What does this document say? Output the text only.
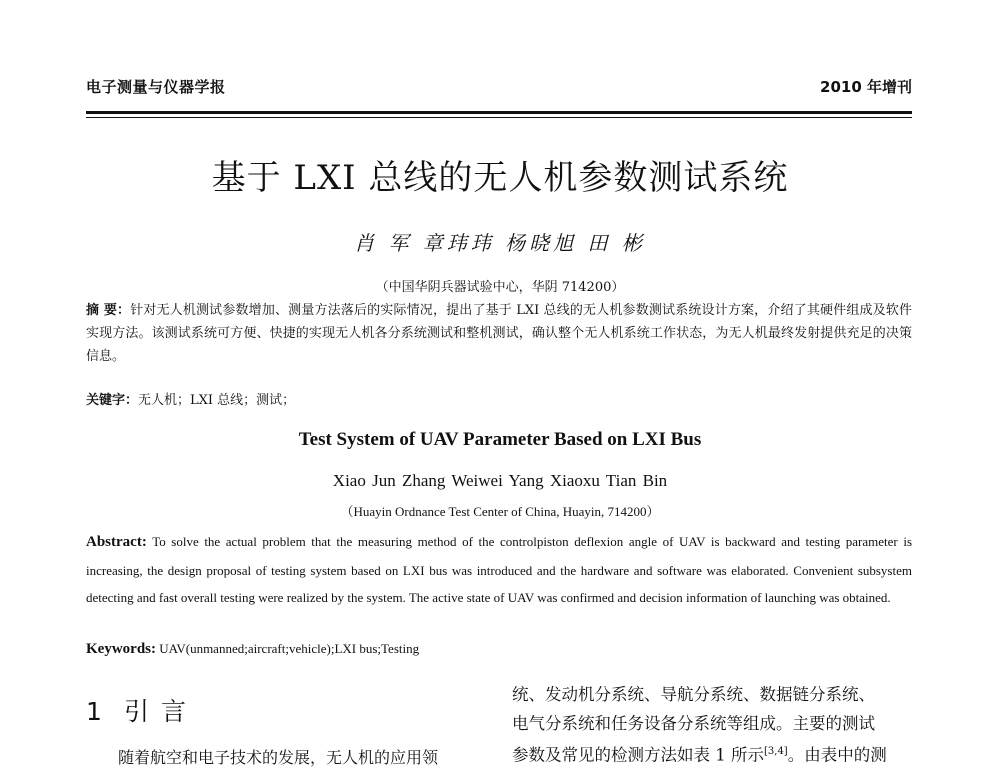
电子测量与仪器学报	2010 年增刊
基于 LXI 总线的无人机参数测试系统
肖 军 章玮玮 杨晓旭 田 彬
（中国华阴兵器试验中心，华阴 714200）
摘 要：针对无人机测试参数增加、测量方法落后的实际情况，提出了基于 LXI 总线的无人机参数测试系统设计方案，介绍了其硬件组成及软件实现方法。该测试系统可方便、快捷的实现无人机各分系统测试和整机测试，确认整个无人机系统工作状态，为无人机最终发射提供充足的决策信息。
关键字：无人机；LXI 总线；测试；
Test System of UAV Parameter Based on LXI Bus
Xiao Jun Zhang Weiwei Yang Xiaoxu Tian Bin
（Huayin Ordnance Test Center of China, Huayin, 714200）
Abstract: To solve the actual problem that the measuring method of the controlpiston deflexion angle of UAV is backward and testing parameter is increasing, the design proposal of testing system based on LXI bus was introduced and the hardware and software was elaborated. Convenient subsystem detecting and fast overall testing were realized by the system. The active state of UAV was confirmed and decision information of launching was obtained.
Keywords: UAV(unmanned;aircraft;vehicle);LXI bus;Testing
1 引言
随着航空和电子技术的发展，无人机的应用领
统、发动机分系统、导航分系统、数据链分系统、
电气分系统和任务设备分系统等组成。主要的测试
参数及常见的检测方法如表 1 所示[3,4]。由表中的测
